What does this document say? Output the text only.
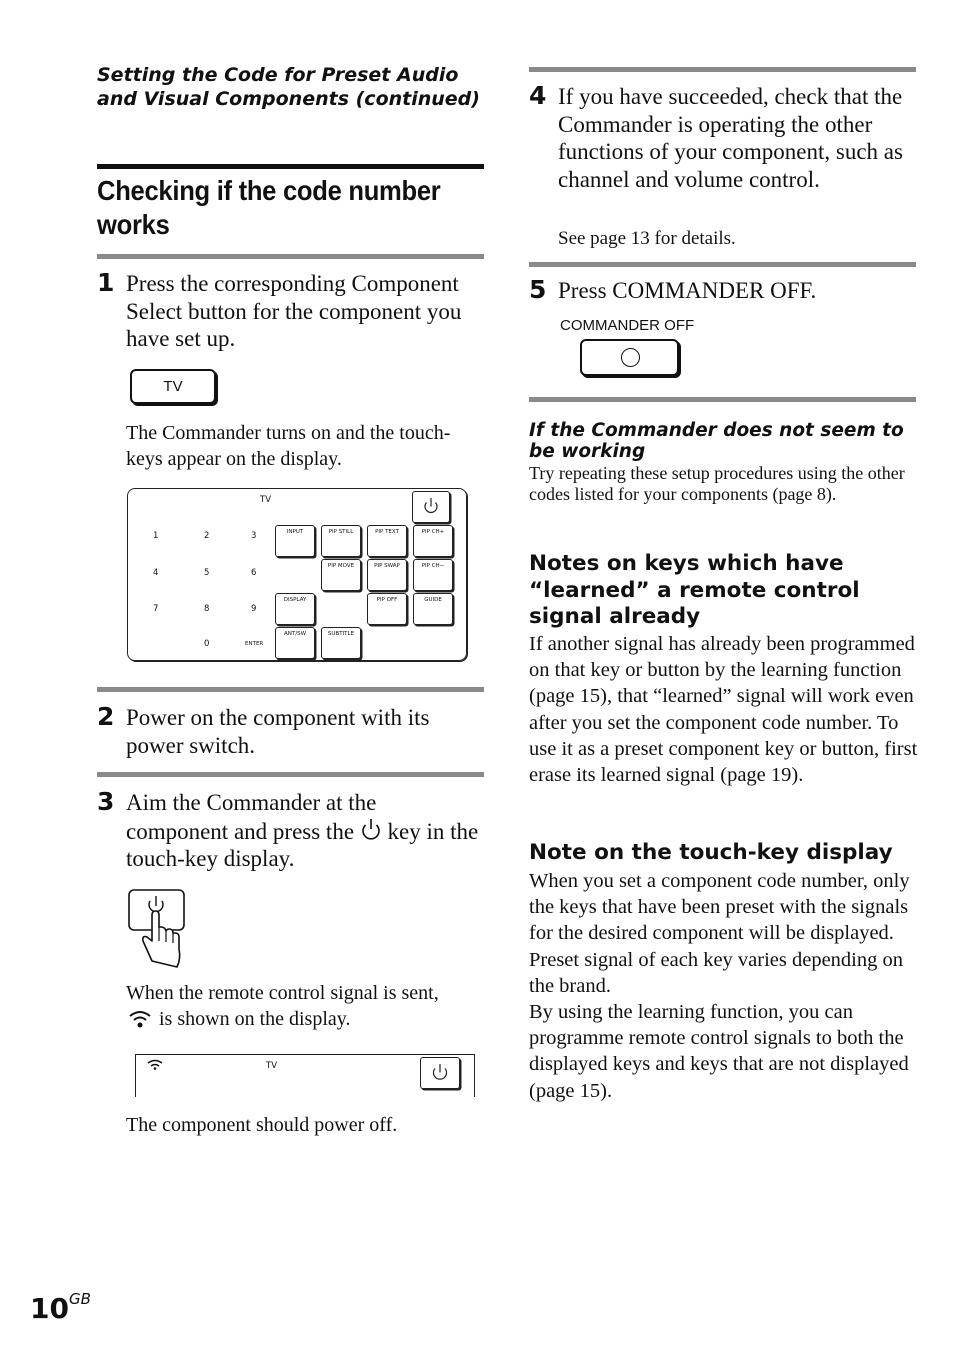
Setting the Code for Preset Audio and Visual Components (continued)
Checking if the code number works
1 Press the corresponding Component Select button for the component you have set up.
TV
The Commander turns on and the touch-keys appear on the display.
TV
1	2	3
4	5	6
7	8	9
0	ENTER
INPUT	PIP STILL	PIP TEXT	PIP CH+
PIP MOVE	PIP SWAP	PIP CH−
DISPLAY	PIP OFF	GUIDE
ANT/SW	SUBTITLE
2 Power on the component with its power switch.
3 Aim the Commander at the component and press the key in the touch-key display.
When the remote control signal is sent,  is shown on the display.
TV
The component should power off.
4 If you have succeeded, check that the Commander is operating the other functions of your component, such as channel and volume control.
See page 13 for details.
5 Press COMMANDER OFF.
COMMANDER OFF
If the Commander does not seem to be working
Try repeating these setup procedures using the other codes listed for your components (page 8).
Notes on keys which have “learned” a remote control signal already
If another signal has already been programmed on that key or button by the learning function (page 15), that “learned” signal will work even after you set the component code number. To use it as a preset component key or button, first erase its learned signal (page 19).
Note on the touch-key display
When you set a component code number, only the keys that have been preset with the signals for the desired component will be displayed. Preset signal of each key varies depending on the brand.
By using the learning function, you can programme remote control signals to both the displayed keys and keys that are not displayed (page 15).
$10^{GB}$
